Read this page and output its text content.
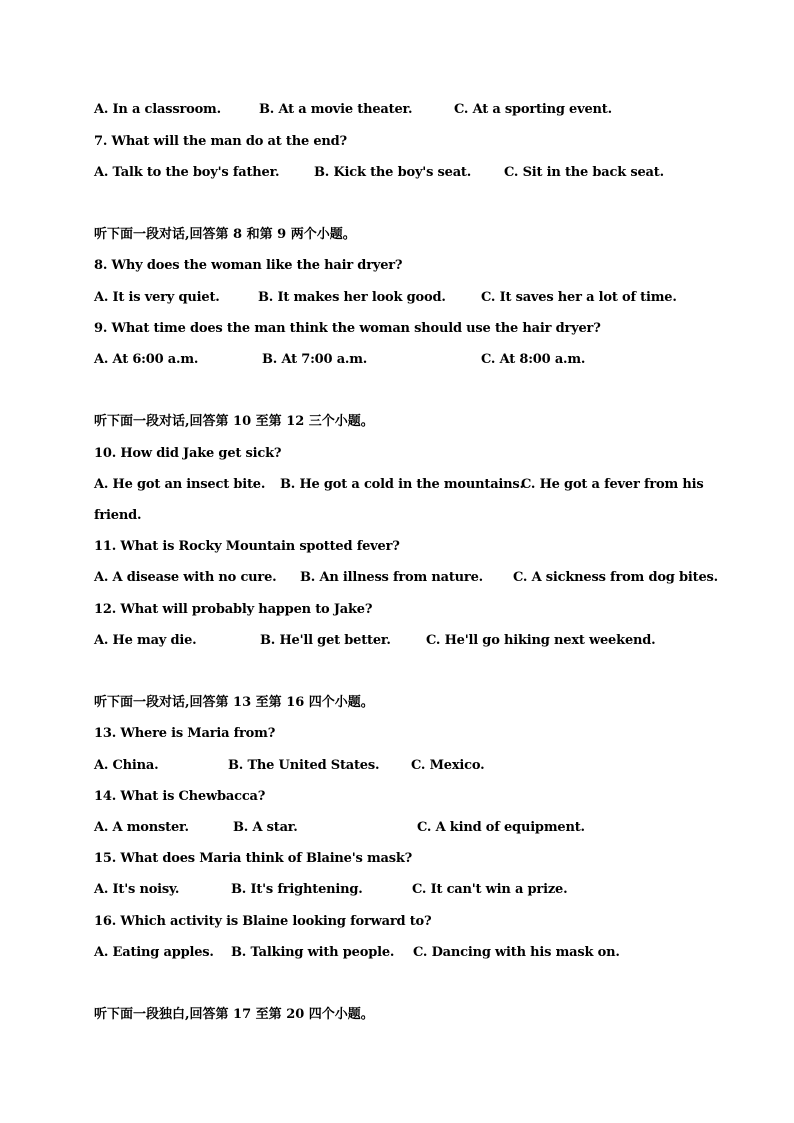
A. In a classroom.	B. At a movie theater.	C. At a sporting event.
7. What will the man do at the end?
A. Talk to the boy's father.	B. Kick the boy's seat.	C. Sit in the back seat.
听下面一段对话,回答第 8 和第 9 两个小题。
8. Why does the woman like the hair dryer?
A. It is very quiet.	B. It makes her look good.	C. It saves her a lot of time.
9. What time does the man think the woman should use the hair dryer?
A. At 6:00 a.m.	B. At 7:00 a.m.	C. At 8:00 a.m.
听下面一段对话,回答第 10 至第 12 三个小题。
10. How did Jake get sick?
A. He got an insect bite. B. He got a cold in the mountains.
C. He got a fever from his
friend.
11. What is Rocky Mountain spotted fever?
A. A disease with no cure. B. An illness from nature. C. A sickness from dog bites.
12. What will probably happen to Jake?
A. He may die.	B. He'll get better.	C. He'll go hiking next weekend.
听下面一段对话,回答第 13 至第 16 四个小题。
13. Where is Maria from?
A. China.	B. The United States. C. Mexico.
14. What is Chewbacca?
A. A monster.	B. A star.	C. A kind of equipment.
15. What does Maria think of Blaine's mask?
A. It's noisy.	B. It's frightening.	C. It can't win a prize.
16. Which activity is Blaine looking forward to?
A. Eating apples. B. Talking with people. C. Dancing with his mask on.
听下面一段独白,回答第 17 至第 20 四个小题。
